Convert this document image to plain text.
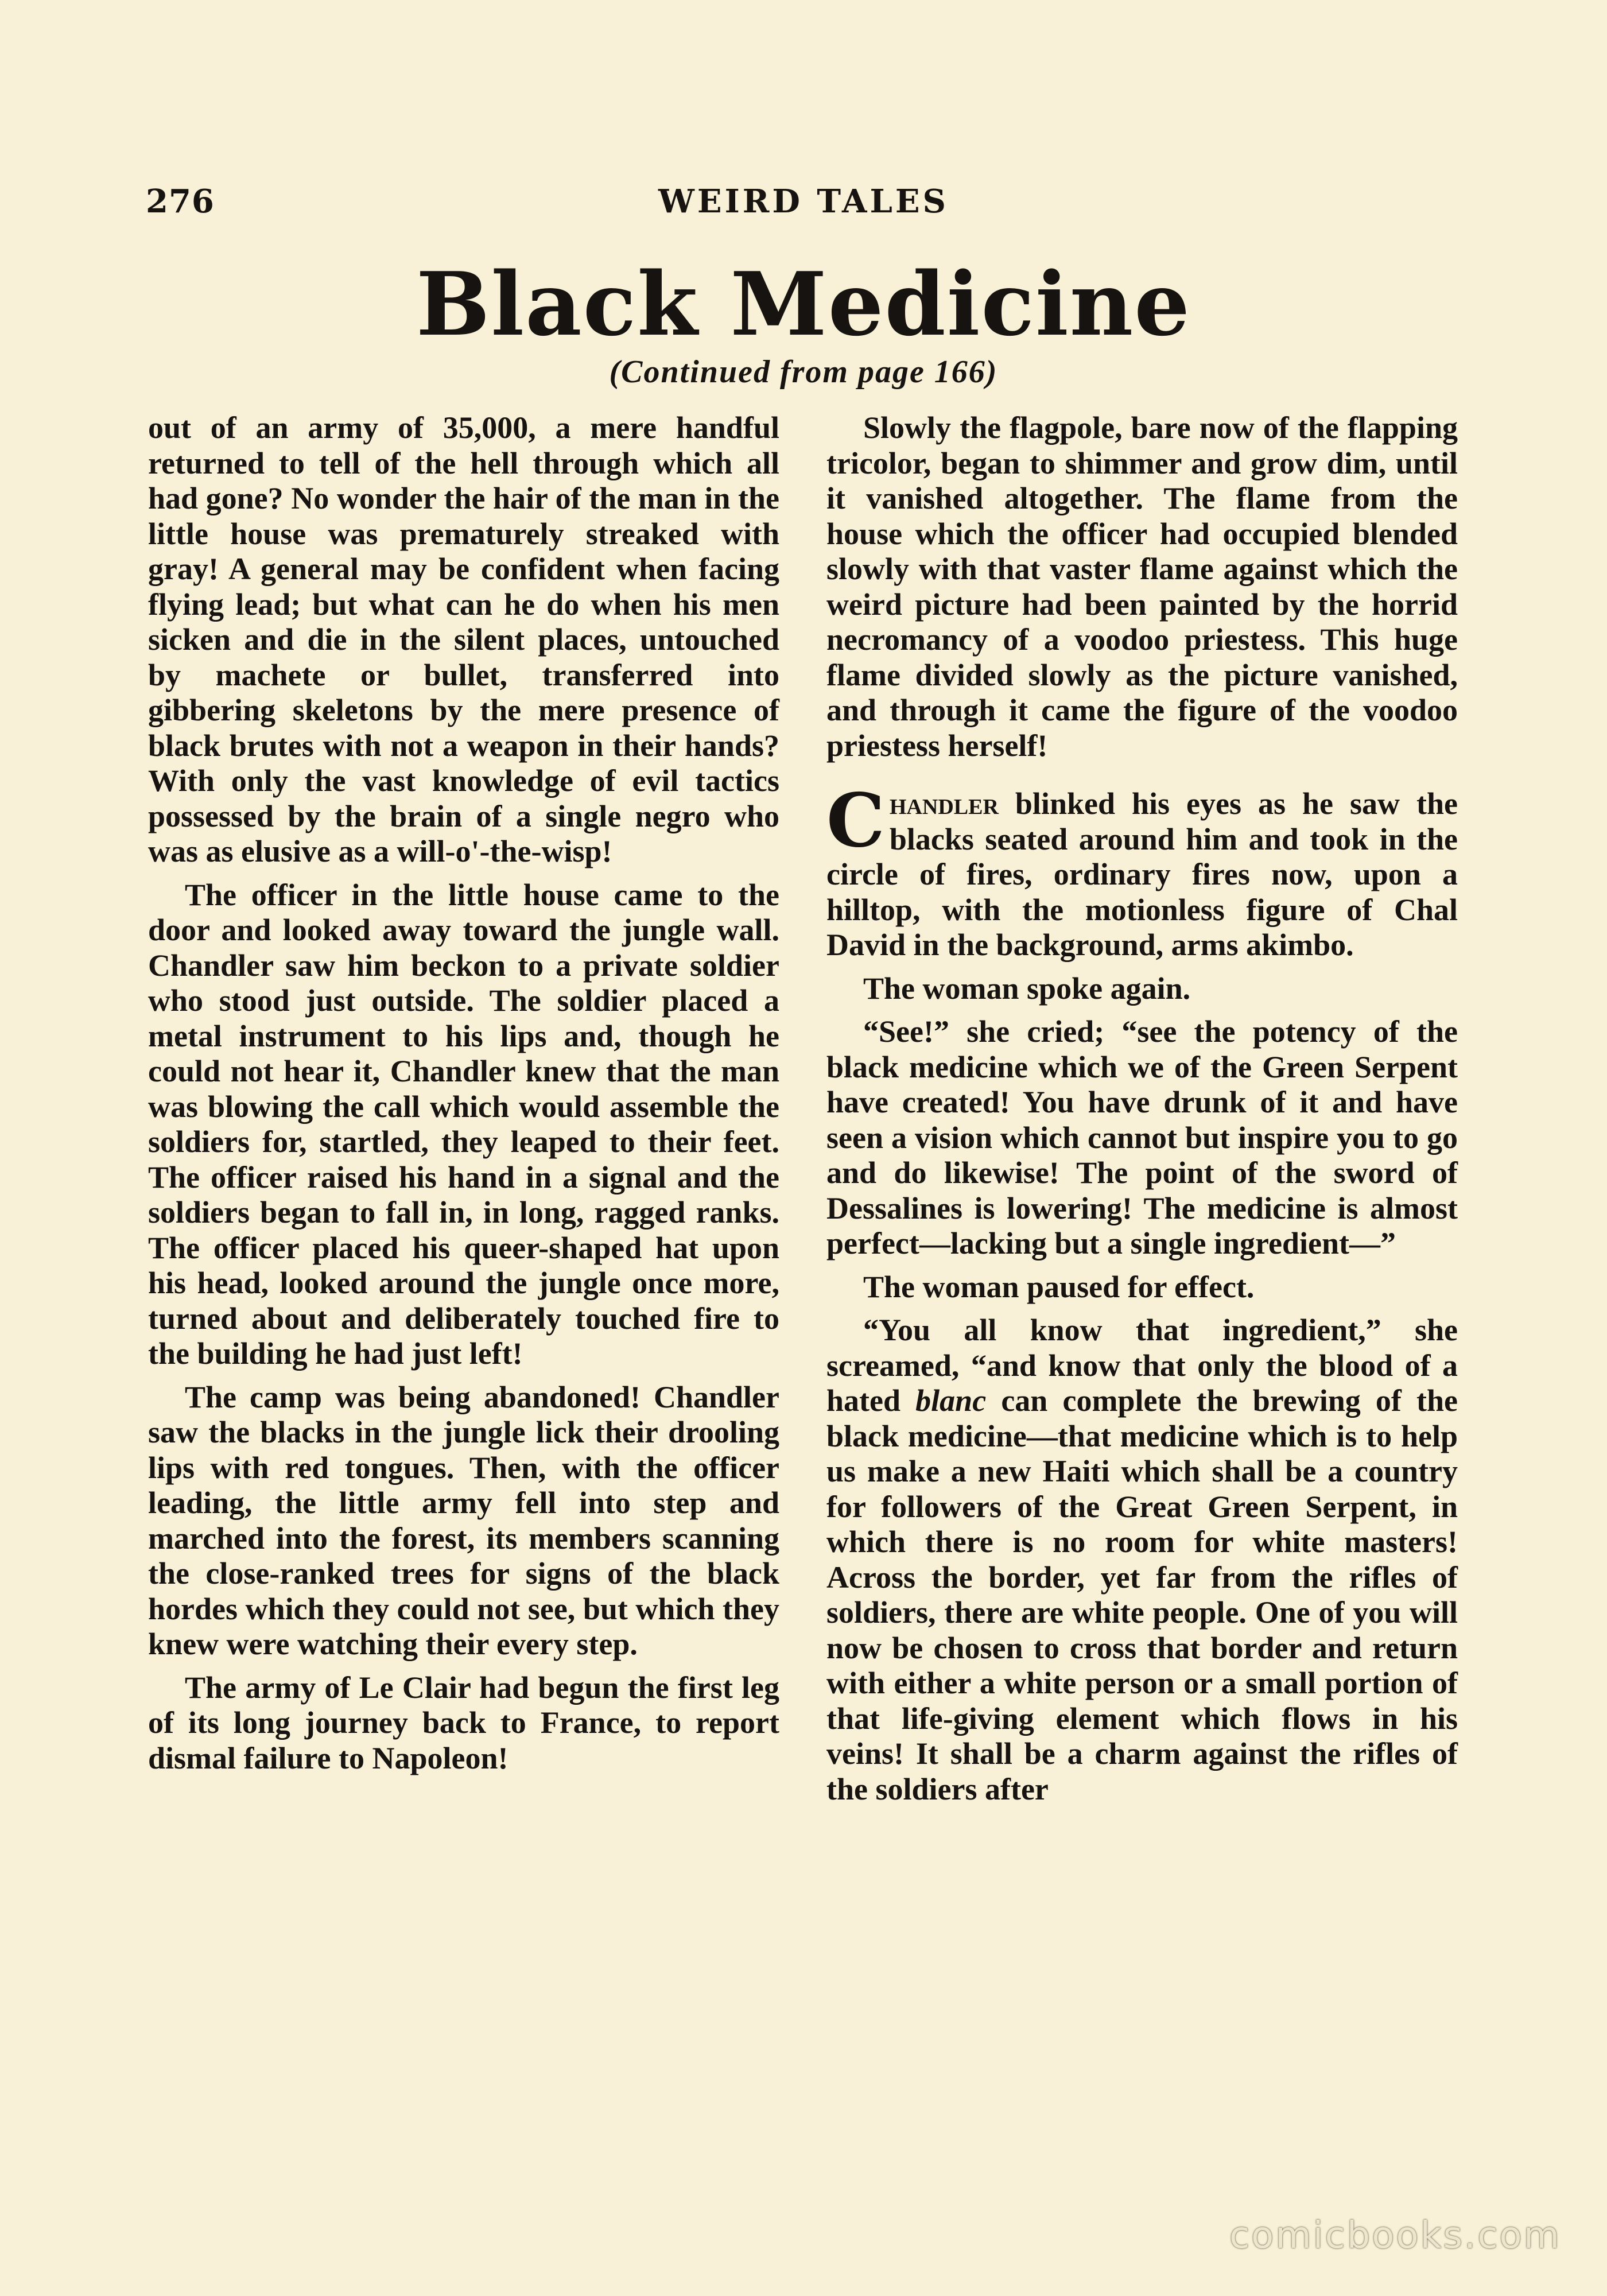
276	WEIRD TALES
Black Medicine
(Continued from page 166)

out of an army of 35,000, a mere handful returned to tell of the hell through which all had gone? No wonder the hair of the man in the little house was prematurely streaked with gray! A general may be confident when facing flying lead; but what can he do when his men sicken and die in the silent places, untouched by machete or bullet, transferred into gibbering skeletons by the mere presence of black brutes with not a weapon in their hands? With only the vast knowledge of evil tactics possessed by the brain of a single negro who was as elusive as a will-o'-the-wisp!

The officer in the little house came to the door and looked away toward the jungle wall. Chandler saw him beckon to a private soldier who stood just outside. The soldier placed a metal instrument to his lips and, though he could not hear it, Chandler knew that the man was blowing the call which would assemble the soldiers for, startled, they leaped to their feet. The officer raised his hand in a signal and the soldiers began to fall in, in long, ragged ranks. The officer placed his queer-shaped hat upon his head, looked around the jungle once more, turned about and deliberately touched fire to the building he had just left!

The camp was being abandoned! Chandler saw the blacks in the jungle lick their drooling lips with red tongues. Then, with the officer leading, the little army fell into step and marched into the forest, its members scanning the close-ranked trees for signs of the black hordes which they could not see, but which they knew were watching their every step.

The army of Le Clair had begun the first leg of its long journey back to France, to report dismal failure to Napoleon!

Slowly the flagpole, bare now of the flapping tricolor, began to shimmer and grow dim, until it vanished altogether. The flame from the house which the officer had occupied blended slowly with that vaster flame against which the weird picture had been painted by the horrid necromancy of a voodoo priestess. This huge flame divided slowly as the picture vanished, and through it came the figure of the voodoo priestess herself!

Chandler blinked his eyes as he saw the blacks seated around him and took in the circle of fires, ordinary fires now, upon a hilltop, with the motionless figure of Chal David in the background, arms akimbo.

The woman spoke again.

“See!” she cried; “see the potency of the black medicine which we of the Green Serpent have created! You have drunk of it and have seen a vision which cannot but inspire you to go and do likewise! The point of the sword of Dessalines is lowering! The medicine is almost perfect—lacking but a single ingredient—”

The woman paused for effect.

“You all know that ingredient,” she screamed, “and know that only the blood of a hated blanc can complete the brewing of the black medicine—that medicine which is to help us make a new Haiti which shall be a country for followers of the Great Green Serpent, in which there is no room for white masters! Across the border, yet far from the rifles of soldiers, there are white people. One of you will now be chosen to cross that border and return with either a white person or a small portion of that life-giving element which flows in his veins! It shall be a charm against the rifles of the soldiers after

comicbooks.com
